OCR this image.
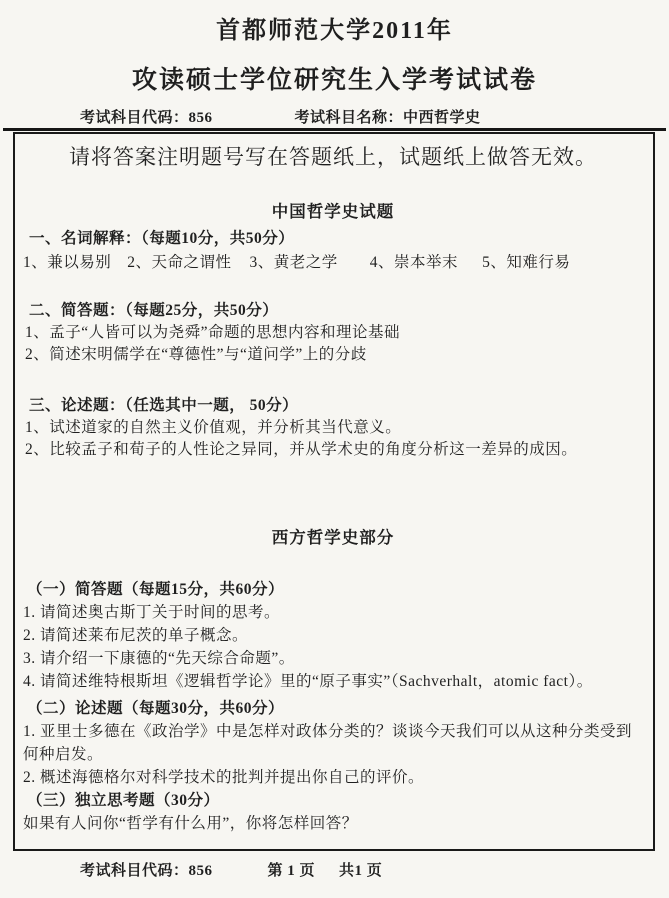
首都师范大学2011年
攻读硕士学位研究生入学考试试卷
考试科目代码：856	考试科目名称：中西哲学史
请将答案注明题号写在答题纸上，试题纸上做答无效。
中国哲学史试题
一、名词解释：（每题10分，共50分）
1、兼以易别 2、天命之谓性 3、黄老之学 4、崇本举末 5、知难行易
二、简答题：（每题25分，共50分）
1、孟子“人皆可以为尧舜”命题的思想内容和理论基础
2、简述宋明儒学在“尊德性”与“道问学”上的分歧
三、论述题：（任选其中一题， 50分）
1、试述道家的自然主义价值观，并分析其当代意义。
2、比较孟子和荀子的人性论之异同，并从学术史的角度分析这一差异的成因。
西方哲学史部分
（一）简答题（每题15分，共60分）
1. 请简述奥古斯丁关于时间的思考。
2. 请简述莱布尼茨的单子概念。
3. 请介绍一下康德的“先天综合命题”。
4. 请简述维特根斯坦《逻辑哲学论》里的“原子事实”（Sachverhalt，atomic fact）。
（二）论述题（每题30分，共60分）
1. 亚里士多德在《政治学》中是怎样对政体分类的？谈谈今天我们可以从这种分类受到何种启发。
2. 概述海德格尔对科学技术的批判并提出你自己的评价。
（三）独立思考题（30分）
如果有人问你“哲学有什么用”，你将怎样回答？
考试科目代码：856	第 1 页 共1 页
